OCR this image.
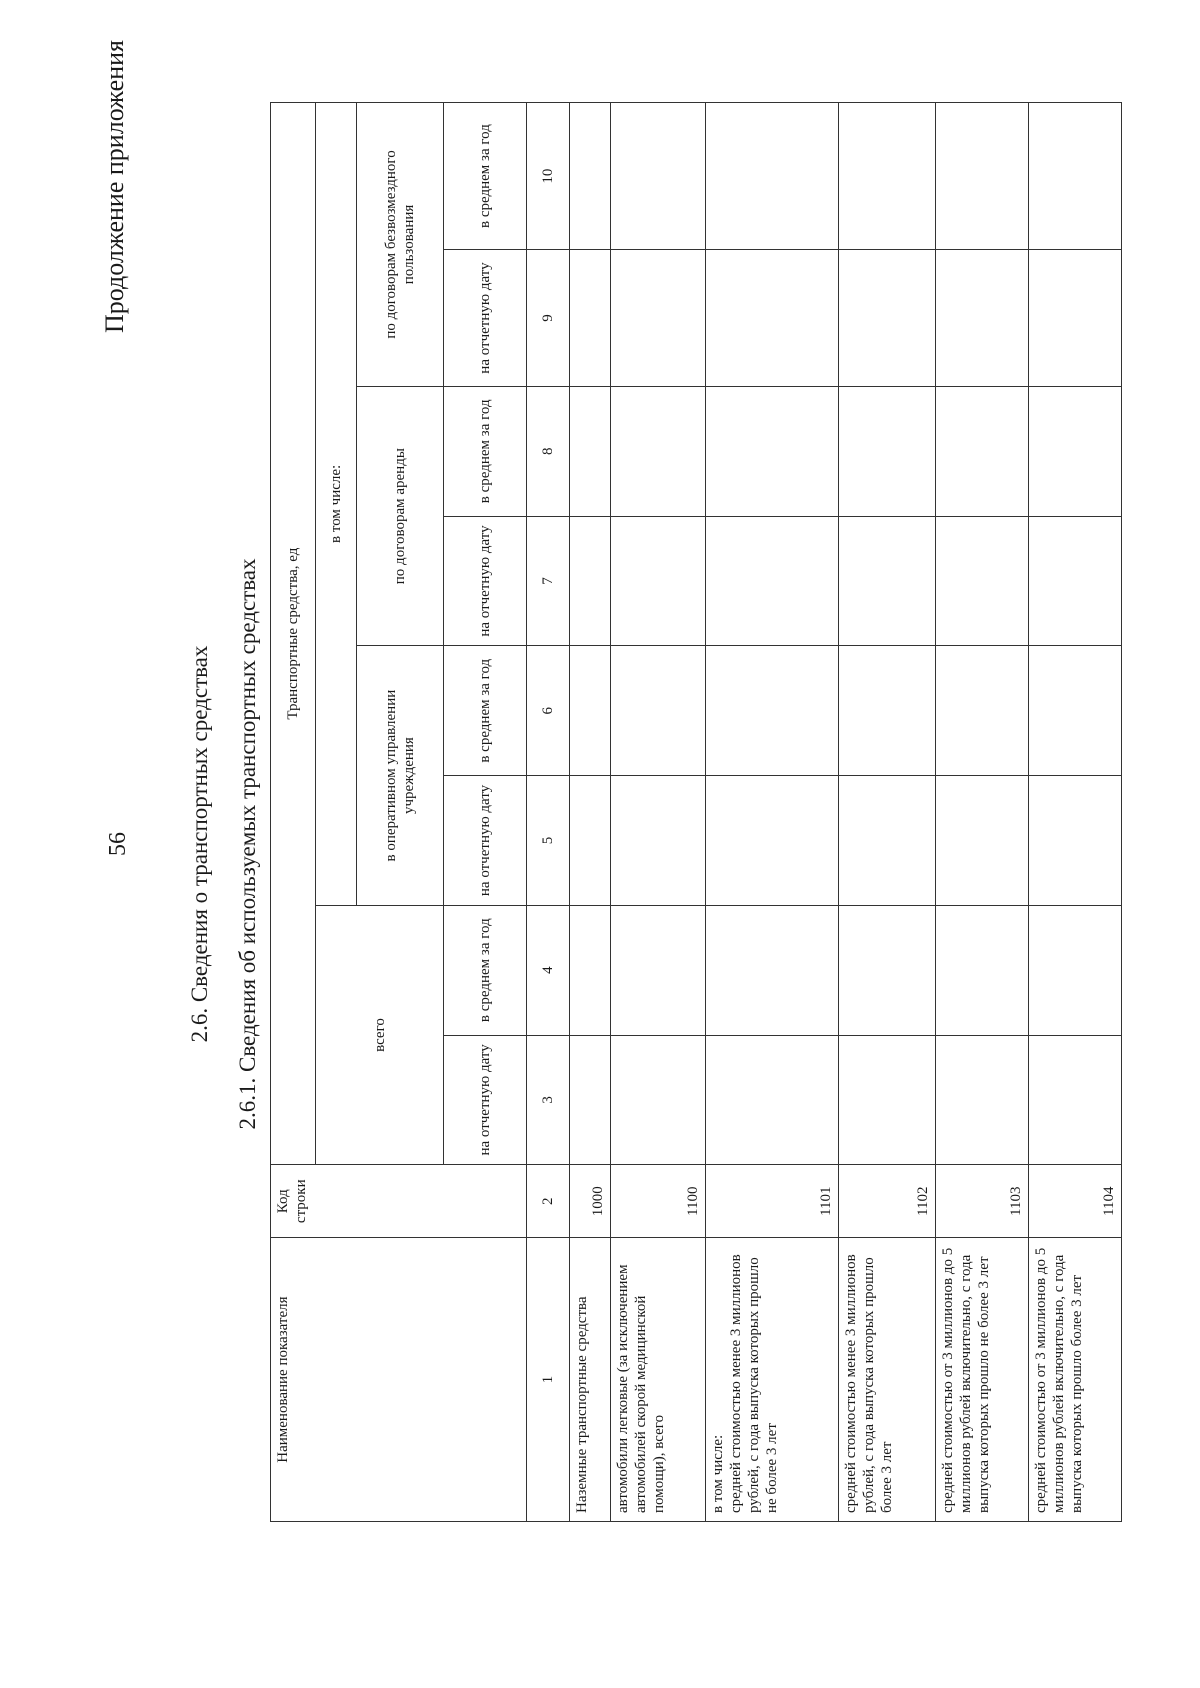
56
Продолжение приложения
2.6. Сведения о транспортных средствах 2.6.1. Сведения об используемых транспортных средствах
Наименование показателя	Код строки	Транспортные средства, ед							
		всего		в том числе:					
				в оперативном управлении учреждения		по договорам аренды		по договорам безвозмездного пользования	
		на отчетную дату	в среднем за год	на отчетную дату	в среднем за год	на отчетную дату	в среднем за год	на отчетную дату	в среднем за год
1	2	3	4	5	6	7	8	9	10
Наземные транспортные средства	1000								
автомобили легковые (за исключением автомобилей скорой медицинской помощи), всего	1100								
в том числе:
средней стоимостью менее 3 миллионов рублей, с года выпуска которых прошло не более 3 лет	1101								
средней стоимостью менее 3 миллионов рублей, с года выпуска которых прошло более 3 лет	1102								
средней стоимостью от 3 миллионов до 5 миллионов рублей включительно, с года выпуска которых прошло не более 3 лет	1103								
средней стоимостью от 3 миллионов до 5 миллионов рублей включительно, с года выпуска которых прошло более 3 лет	1104								
